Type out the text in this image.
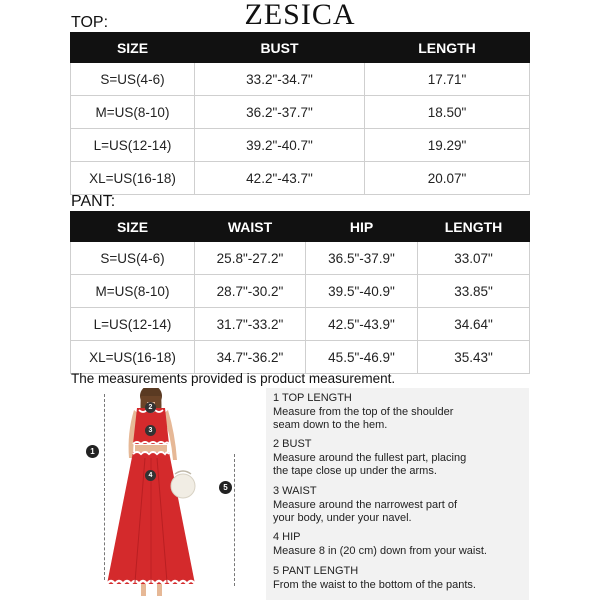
ZESICA
TOP:
SIZE	BUST	LENGTH
S=US(4-6)	33.2"-34.7"	17.71"
M=US(8-10)	36.2"-37.7"	18.50"
L=US(12-14)	39.2"-40.7"	19.29"
XL=US(16-18)	42.2"-43.7"	20.07"
PANT:
SIZE	WAIST	HIP	LENGTH
S=US(4-6)	25.8"-27.2"	36.5"-37.9"	33.07"
M=US(8-10)	28.7"-30.2"	39.5"-40.9"	33.85"
L=US(12-14)	31.7"-33.2"	42.5"-43.9"	34.64"
XL=US(16-18)	34.7"-36.2"	45.5"-46.9"	35.43"
The measurements provided is product measurement.
1
2
3
4
5
1 TOP LENGTH
Measure from the top of the shoulder
seam down to the hem.
2 BUST
Measure around the fullest part, placing
the tape close up under the arms.
3 WAIST
Measure around the narrowest part of
your body, under your navel.
4 HIP
Measure 8 in (20 cm) down from your waist.
5 PANT LENGTH
From the waist to the bottom of the pants.
